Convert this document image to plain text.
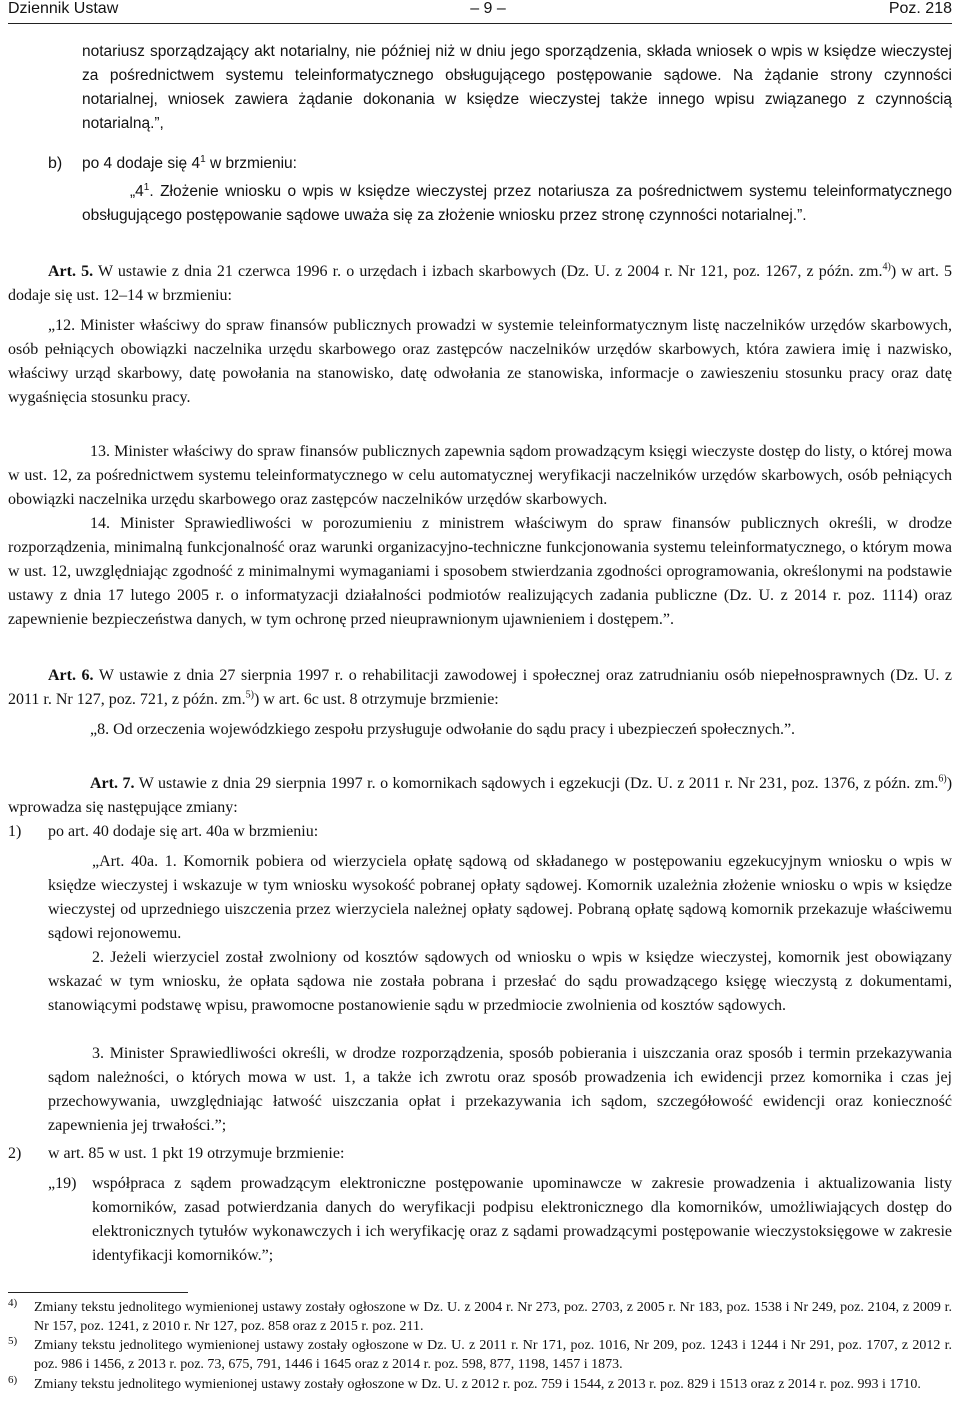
Dziennik Ustaw	– 9 –	Poz. 218
notariusz sporządzający akt notarialny, nie później niż w dniu jego sporządzenia, składa wniosek o wpis w księdze wieczystej za pośrednictwem systemu teleinformatycznego obsługującego postępowanie sądowe. Na żądanie strony czynności notarialnej, wniosek zawiera żądanie dokonania w księdze wieczystej także innego wpisu związanego z czynnością notarialną.”,
b) po 4 dodaje się $4^1$ w brzmieniu:
$„4^1$. Złożenie wniosku o wpis w księdze wieczystej przez notariusza za pośrednictwem systemu teleinformatycznego obsługującego postępowanie sądowe uważa się za złożenie wniosku przez stronę czynności notarialnej.”.
Art. 5. W ustawie z dnia 21 czerwca 1996 r. o urzędach i izbach skarbowych (Dz. U. z 2004 r. Nr 121, poz. 1267, z późn. zm.$^{4)}$) w art. 5 dodaje się ust. 12–14 w brzmieniu:
„12. Minister właściwy do spraw finansów publicznych prowadzi w systemie teleinformatycznym listę naczelników urzędów skarbowych, osób pełniących obowiązki naczelnika urzędu skarbowego oraz zastępców naczelników urzędów skarbowych, która zawiera imię i nazwisko, właściwy urząd skarbowy, datę powołania na stanowisko, datę odwołania ze stanowiska, informacje o zawieszeniu stosunku pracy oraz datę wygaśnięcia stosunku pracy.
13. Minister właściwy do spraw finansów publicznych zapewnia sądom prowadzącym księgi wieczyste dostęp do listy, o której mowa w ust. 12, za pośrednictwem systemu teleinformatycznego w celu automatycznej weryfikacji naczelników urzędów skarbowych, osób pełniących obowiązki naczelnika urzędu skarbowego oraz zastępców naczelników urzędów skarbowych.
14. Minister Sprawiedliwości w porozumieniu z ministrem właściwym do spraw finansów publicznych określi, w drodze rozporządzenia, minimalną funkcjonalność oraz warunki organizacyjno-techniczne funkcjonowania systemu teleinformatycznego, o którym mowa w ust. 12, uwzględniając zgodność z minimalnymi wymaganiami i sposobem stwierdzania zgodności oprogramowania, określonymi na podstawie ustawy z dnia 17 lutego 2005 r. o informatyzacji działalności podmiotów realizujących zadania publiczne (Dz. U. z 2014 r. poz. 1114) oraz zapewnienie bezpieczeństwa danych, w tym ochronę przed nieuprawnionym ujawnieniem i dostępem.”.
Art. 6. W ustawie z dnia 27 sierpnia 1997 r. o rehabilitacji zawodowej i społecznej oraz zatrudnianiu osób niepełnosprawnych (Dz. U. z 2011 r. Nr 127, poz. 721, z późn. zm.$^{5)}$) w art. 6c ust. 8 otrzymuje brzmienie:
„8. Od orzeczenia wojewódzkiego zespołu przysługuje odwołanie do sądu pracy i ubezpieczeń społecznych.”.
Art. 7. W ustawie z dnia 29 sierpnia 1997 r. o komornikach sądowych i egzekucji (Dz. U. z 2011 r. Nr 231, poz. 1376, z późn. zm.$^{6)}$) wprowadza się następujące zmiany:
1) po art. 40 dodaje się art. 40a w brzmieniu:
„Art. 40a. 1. Komornik pobiera od wierzyciela opłatę sądową od składanego w postępowaniu egzekucyjnym wniosku o wpis w księdze wieczystej i wskazuje w tym wniosku wysokość pobranej opłaty sądowej. Komornik uzależnia złożenie wniosku o wpis w księdze wieczystej od uprzedniego uiszczenia przez wierzyciela należnej opłaty sądowej. Pobraną opłatę sądową komornik przekazuje właściwemu sądowi rejonowemu.
2. Jeżeli wierzyciel został zwolniony od kosztów sądowych od wniosku o wpis w księdze wieczystej, komornik jest obowiązany wskazać w tym wniosku, że opłata sądowa nie została pobrana i przesłać do sądu prowadzącego księgę wieczystą z dokumentami, stanowiącymi podstawę wpisu, prawomocne postanowienie sądu w przedmiocie zwolnienia od kosztów sądowych.
3. Minister Sprawiedliwości określi, w drodze rozporządzenia, sposób pobierania i uiszczania oraz sposób i termin przekazywania sądom należności, o których mowa w ust. 1, a także ich zwrotu oraz sposób prowadzenia ich ewidencji przez komornika i czas jej przechowywania, uwzględniając łatwość uiszczania opłat i przekazywania ich sądom, szczegółowość ewidencji oraz konieczność zapewnienia jej trwałości.”;
2) w art. 85 w ust. 1 pkt 19 otrzymuje brzmienie:
„19) współpraca z sądem prowadzącym elektroniczne postępowanie upominawcze w zakresie prowadzenia i aktualizowania listy komorników, zasad potwierdzania danych do weryfikacji podpisu elektronicznego dla komorników, umożliwiających dostęp do elektronicznych tytułów wykonawczych i ich weryfikację oraz z sądami prowadzącymi postępowanie wieczystoksięgowe w zakresie identyfikacji komorników.”;
4) Zmiany tekstu jednolitego wymienionej ustawy zostały ogłoszone w Dz. U. z 2004 r. Nr 273, poz. 2703, z 2005 r. Nr 183, poz. 1538 i Nr 249, poz. 2104, z 2009 r. Nr 157, poz. 1241, z 2010 r. Nr 127, poz. 858 oraz z 2015 r. poz. 211.
5) Zmiany tekstu jednolitego wymienionej ustawy zostały ogłoszone w Dz. U. z 2011 r. Nr 171, poz. 1016, Nr 209, poz. 1243 i 1244 i Nr 291, poz. 1707, z 2012 r. poz. 986 i 1456, z 2013 r. poz. 73, 675, 791, 1446 i 1645 oraz z 2014 r. poz. 598, 877, 1198, 1457 i 1873.
6) Zmiany tekstu jednolitego wymienionej ustawy zostały ogłoszone w Dz. U. z 2012 r. poz. 759 i 1544, z 2013 r. poz. 829 i 1513 oraz z 2014 r. poz. 993 i 1710.
